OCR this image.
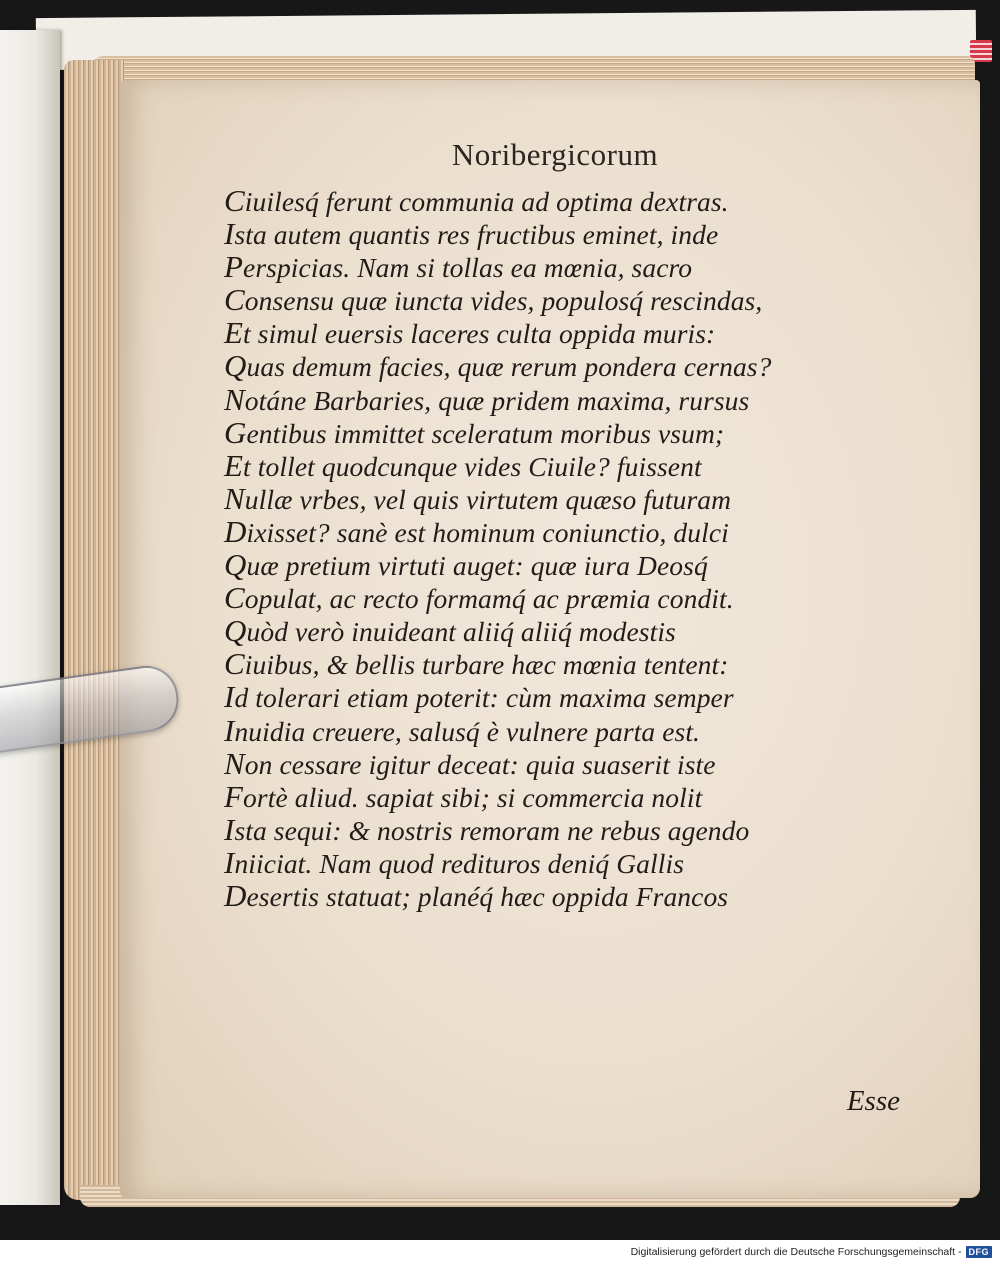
Noribergicorum
Ciuilesq́ ferunt communia ad optima dextras.
Ista autem quantis res fructibus eminet, inde
Perspicias. Nam si tollas ea mœnia, sacro
Consensu quæ iuncta vides, populosq́ rescindas,
Et simul euersis laceres culta oppida muris:
Quas demum facies, quæ rerum pondera cernas?
Notáne Barbaries, quæ pridem maxima, rursus
Gentibus immittet sceleratum moribus vsum;
Et tollet quodcunque vides Ciuile? fuissent
Nullæ vrbes, vel quis virtutem quæso futuram
Dixisset? sanè est hominum coniunctio, dulci
Quæ pretium virtuti auget: quæ iura Deosq́
Copulat, ac recto formamq́ ac præmia condit.
Quòd verò inuideant aliiq́ aliiq́ modestis
Ciuibus, & bellis turbare hæc mœnia tentent:
Id tolerari etiam poterit: cùm maxima semper
Inuidia creuere, salusq́ è vulnere parta est.
Non cessare igitur deceat: quia suaserit iste
Fortè aliud. sapiat sibi; si commercia nolit
Ista sequi: & nostris remoram ne rebus agendo
Iniiciat. Nam quod redituros deniq́ Gallis
Desertis statuat; planéq́ hæc oppida Francos
Esse
Digitalisierung gefördert durch die Deutsche Forschungsgemeinschaft - DFG
